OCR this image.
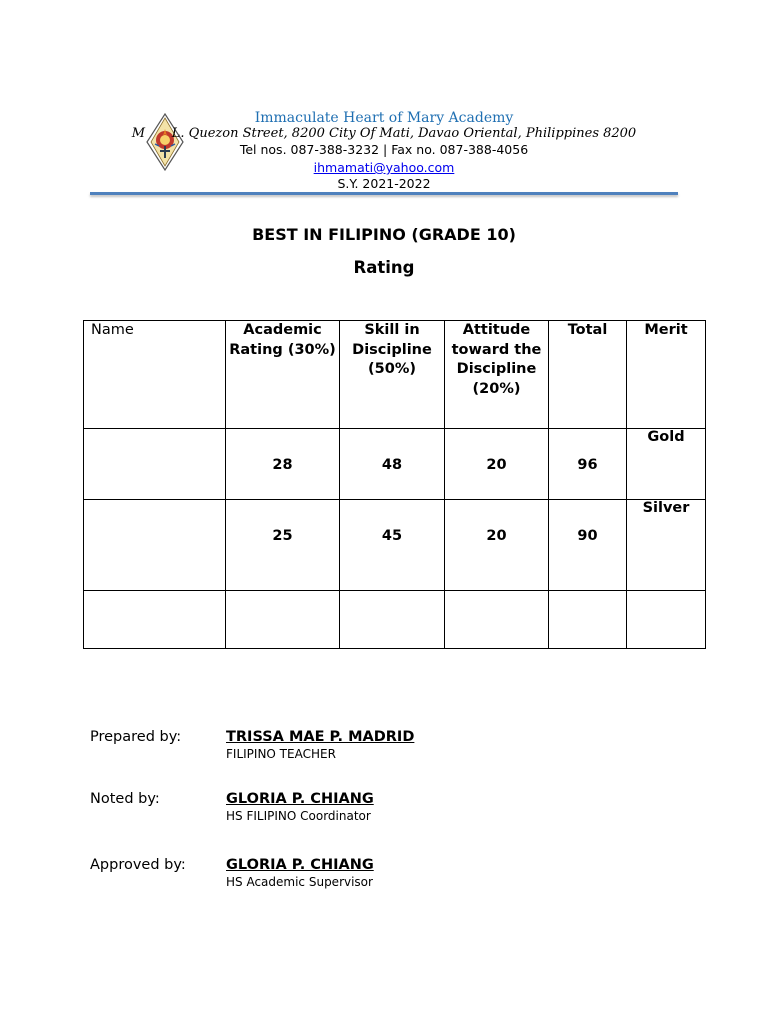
Immaculate Heart of Mary Academy
M L. Quezon Street, 8200 City Of Mati, Davao Oriental, Philippines 8200
Tel nos. 087-388-3232 | Fax no. 087-388-4056
ihmamati@yahoo.com
S.Y. 2021-2022
BEST IN FILIPINO (GRADE 10)
Rating
Name	Academic Rating (30%)	Skill in Discipline (50%)	Attitude toward the Discipline (20%)	Total	Merit
	28	48	20	96	Gold

	25	45	20	90	Silver

Prepared by:	TRISSA MAE P. MADRID
FILIPINO TEACHER
Noted by:	GLORIA P. CHIANG
HS FILIPINO Coordinator
Approved by:	GLORIA P. CHIANG
HS Academic Supervisor
